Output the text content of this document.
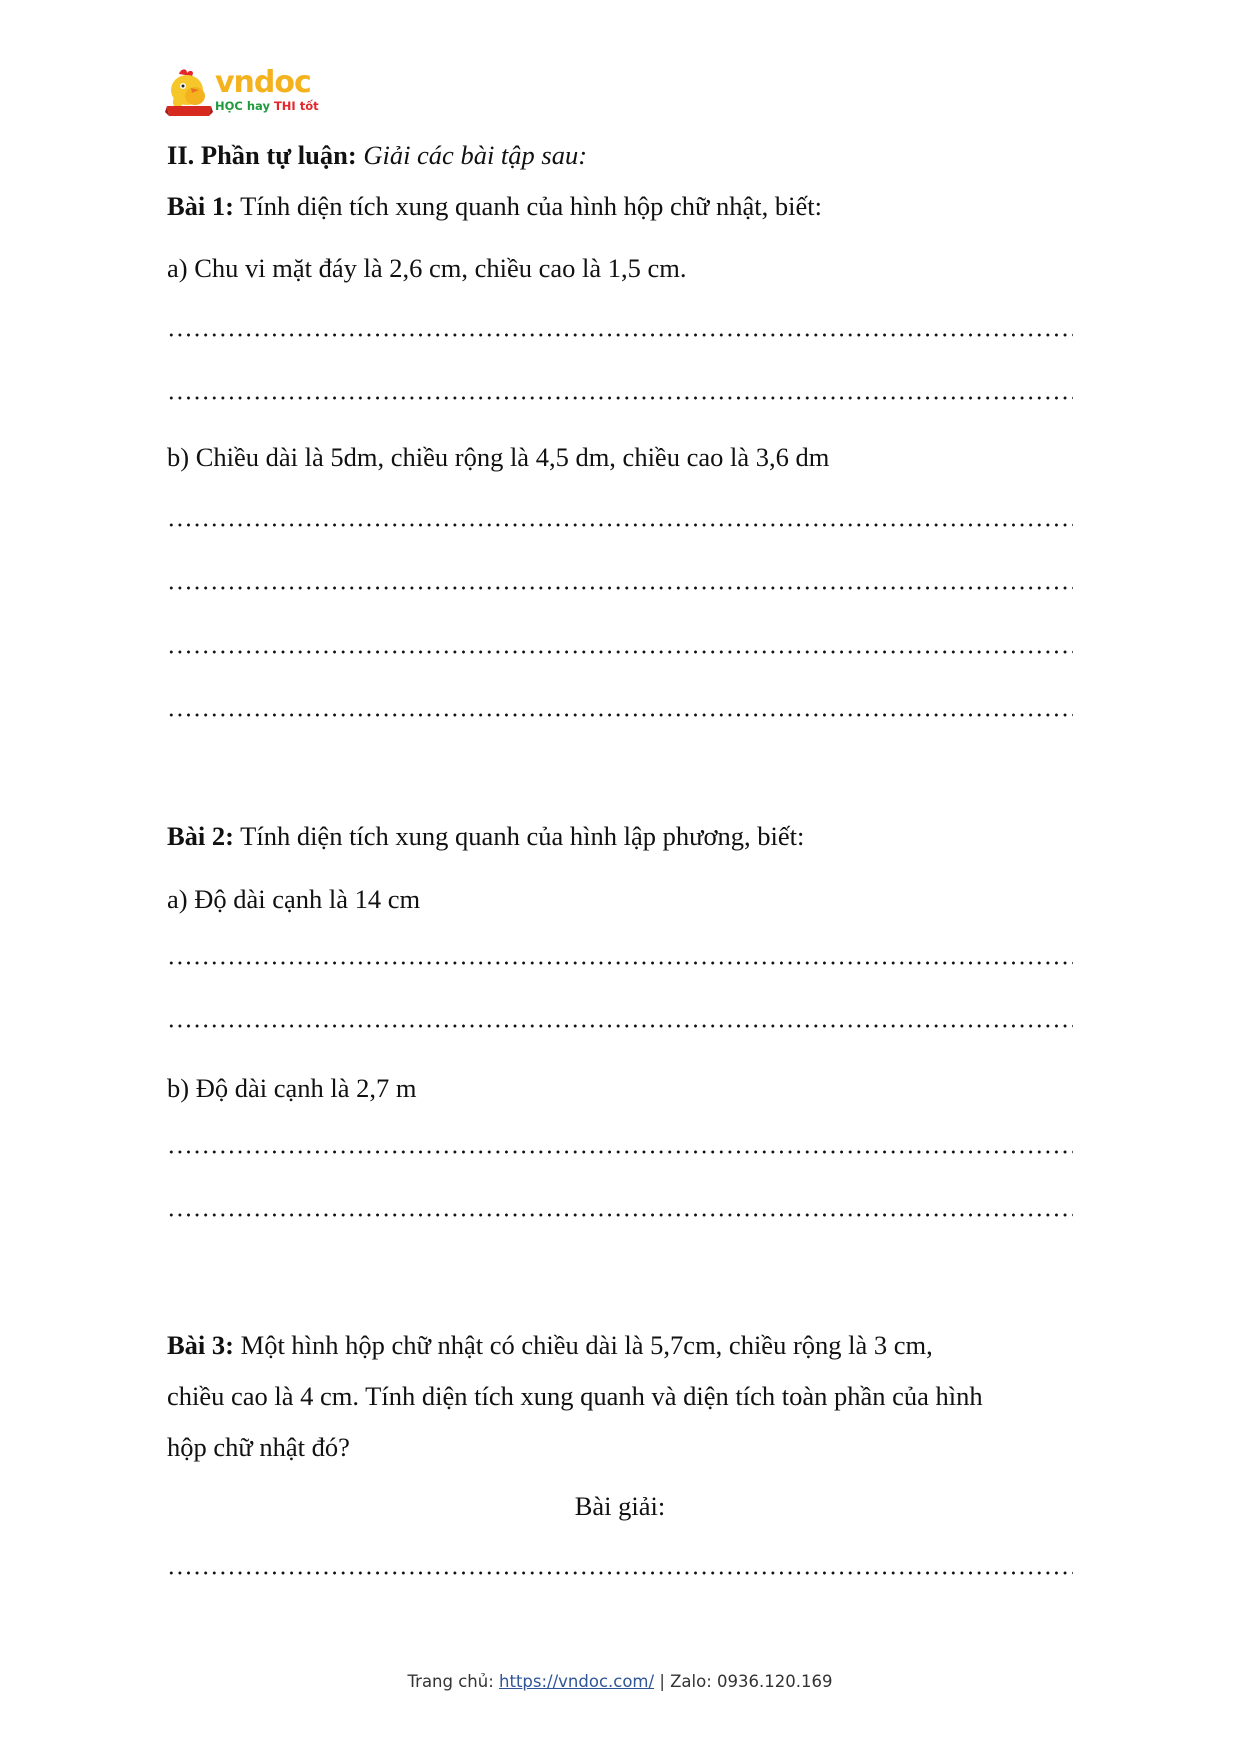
vndoc
HỌC hay THI tốt
II. Phần tự luận: Giải các bài tập sau:
Bài 1: Tính diện tích xung quanh của hình hộp chữ nhật, biết:
a) Chu vi mặt đáy là 2,6 cm, chiều cao là 1,5 cm.
b) Chiều dài là 5dm, chiều rộng là 4,5 dm, chiều cao là 3,6 dm
Bài 2: Tính diện tích xung quanh của hình lập phương, biết:
a) Độ dài cạnh là 14 cm
b) Độ dài cạnh là 2,7 m
Bài 3: Một hình hộp chữ nhật có chiều dài là 5,7cm, chiều rộng là 3 cm,
chiều cao là 4 cm. Tính diện tích xung quanh và diện tích toàn phần của hình
hộp chữ nhật đó?
Bài giải:
Trang chủ: https://vndoc.com/ | Zalo: 0936.120.169
